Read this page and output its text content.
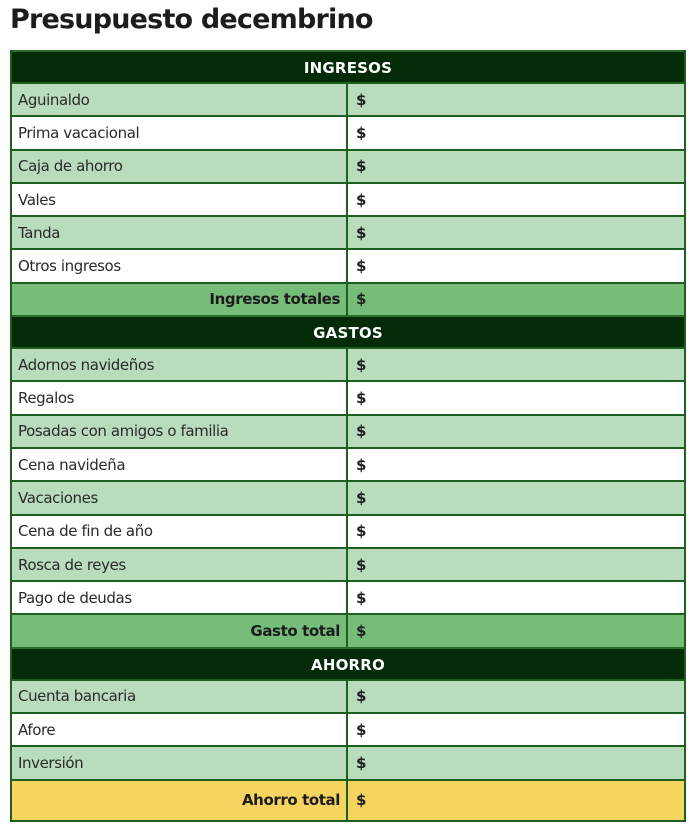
Presupuesto decembrino
INGRESOS
Aguinaldo	$
Prima vacacional	$
Caja de ahorro	$
Vales	$
Tanda	$
Otros ingresos	$
Ingresos totales	$
GASTOS
Adornos navideños	$
Regalos	$
Posadas con amigos o familia	$
Cena navideña	$
Vacaciones	$
Cena de fin de año	$
Rosca de reyes	$
Pago de deudas	$
Gasto total	$
AHORRO
Cuenta bancaria	$
Afore	$
Inversión	$
Ahorro total	$
